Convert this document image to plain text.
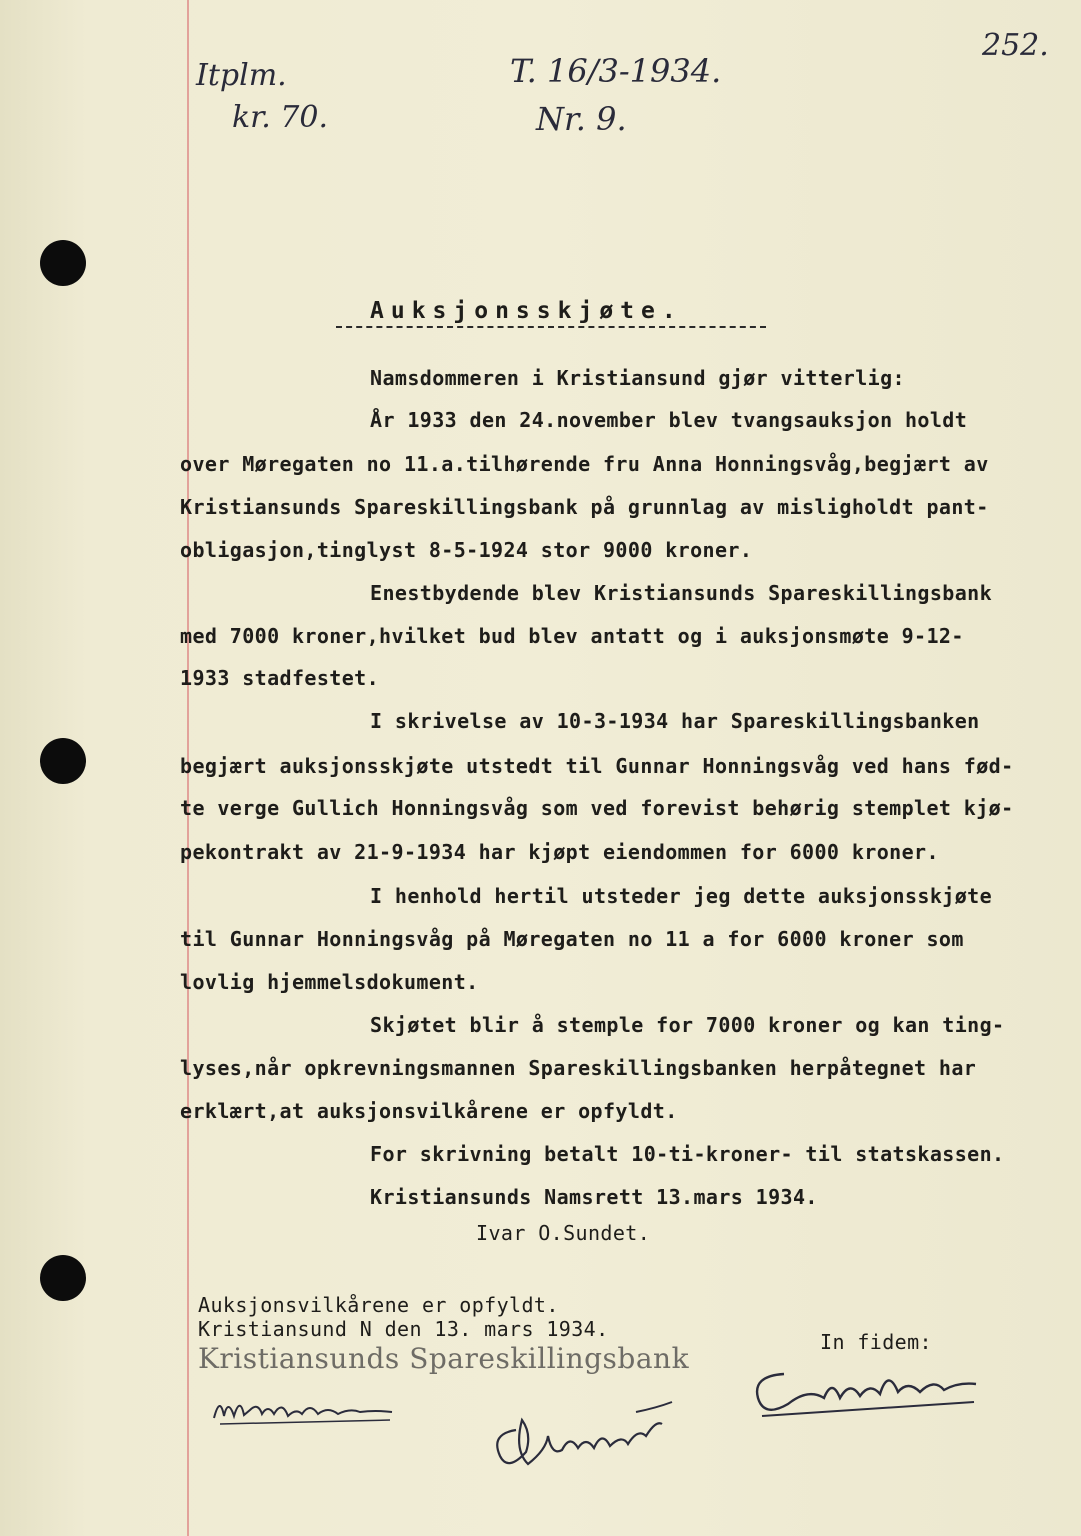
Itplm.
kr. 70.
T. 16/3-1934.
Nr. 9.
252.
Auksjonsskjøte.
Namsdommeren i Kristiansund gjør vitterlig:
År 1933 den 24.november blev tvangsauksjon holdt
over Møregaten no 11.a.tilhørende fru Anna Honningsvåg,begjært av
Kristiansunds Spareskillingsbank på grunnlag av misligholdt pant-
obligasjon,tinglyst 8-5-1924 stor 9000 kroner.
Enestbydende blev Kristiansunds Spareskillingsbank
med 7000 kroner,hvilket bud blev antatt og i auksjonsmøte 9-12-
1933 stadfestet.
I skrivelse av 10-3-1934 har Spareskillingsbanken
begjært auksjonsskjøte utstedt til Gunnar Honningsvåg ved hans fød-
te verge Gullich Honningsvåg som ved forevist behørig stemplet kjø-
pekontrakt av 21-9-1934 har kjøpt eiendommen for 6000 kroner.
I henhold hertil utsteder jeg dette auksjonsskjøte
til Gunnar Honningsvåg på Møregaten no 11 a for 6000 kroner som
lovlig hjemmelsdokument.
Skjøtet blir å stemple for 7000 kroner og kan ting-
lyses,når opkrevningsmannen Spareskillingsbanken herpåtegnet har
erklært,at auksjonsvilkårene er opfyldt.
For skrivning betalt 10-ti-kroner- til statskassen.
Kristiansunds Namsrett 13.mars 1934.
Ivar O.Sundet.
Auksjonsvilkårene er opfyldt.
Kristiansund N den 13. mars 1934.
Kristiansunds Spareskillingsbank	In fidem:
